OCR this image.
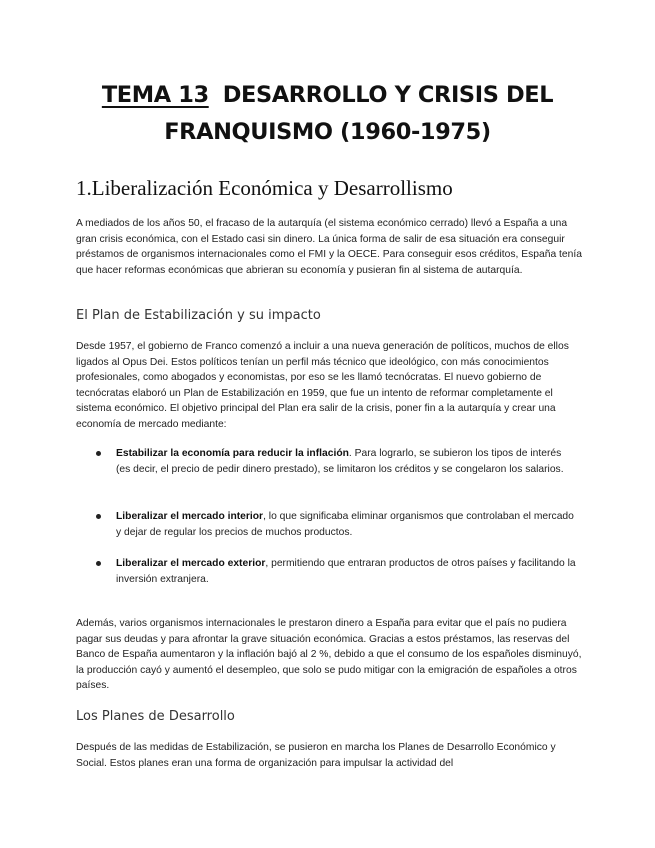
TEMA 13 DESARROLLO Y CRISIS DEL
FRANQUISMO (1960-1975)
1.Liberalización Económica y Desarrollismo

A mediados de los años 50, el fracaso de la autarquía (el sistema económico cerrado) llevó a España a una gran crisis económica, con el Estado casi sin dinero. La única forma de salir de esa situación era conseguir préstamos de organismos internacionales como el FMI y la OECE. Para conseguir esos créditos, España tenía que hacer reformas económicas que abrieran su economía y pusieran fin al sistema de autarquía.

El Plan de Estabilización y su impacto

Desde 1957, el gobierno de Franco comenzó a incluir a una nueva generación de políticos, muchos de ellos ligados al Opus Dei. Estos políticos tenían un perfil más técnico que ideológico, con más conocimientos profesionales, como abogados y economistas, por eso se les llamó tecnócratas. El nuevo gobierno de tecnócratas elaboró un Plan de Estabilización en 1959, que fue un intento de reformar completamente el sistema económico. El objetivo principal del Plan era salir de la crisis, poner fin a la autarquía y crear una economía de mercado mediante:

Estabilizar la economía para reducir la inflación. Para lograrlo, se subieron los tipos de interés (es decir, el precio de pedir dinero prestado), se limitaron los créditos y se congelaron los salarios.
Liberalizar el mercado interior, lo que significaba eliminar organismos que controlaban el mercado y dejar de regular los precios de muchos productos.
Liberalizar el mercado exterior, permitiendo que entraran productos de otros países y facilitando la inversión extranjera.

Además, varios organismos internacionales le prestaron dinero a España para evitar que el país no pudiera pagar sus deudas y para afrontar la grave situación económica. Gracias a estos préstamos, las reservas del Banco de España aumentaron y la inflación bajó al 2 %, debido a que el consumo de los españoles disminuyó, la producción cayó y aumentó el desempleo, que solo se pudo mitigar con la emigración de españoles a otros países.

Los Planes de Desarrollo

Después de las medidas de Estabilización, se pusieron en marcha los Planes de Desarrollo Económico y Social. Estos planes eran una forma de organización para impulsar la actividad del
